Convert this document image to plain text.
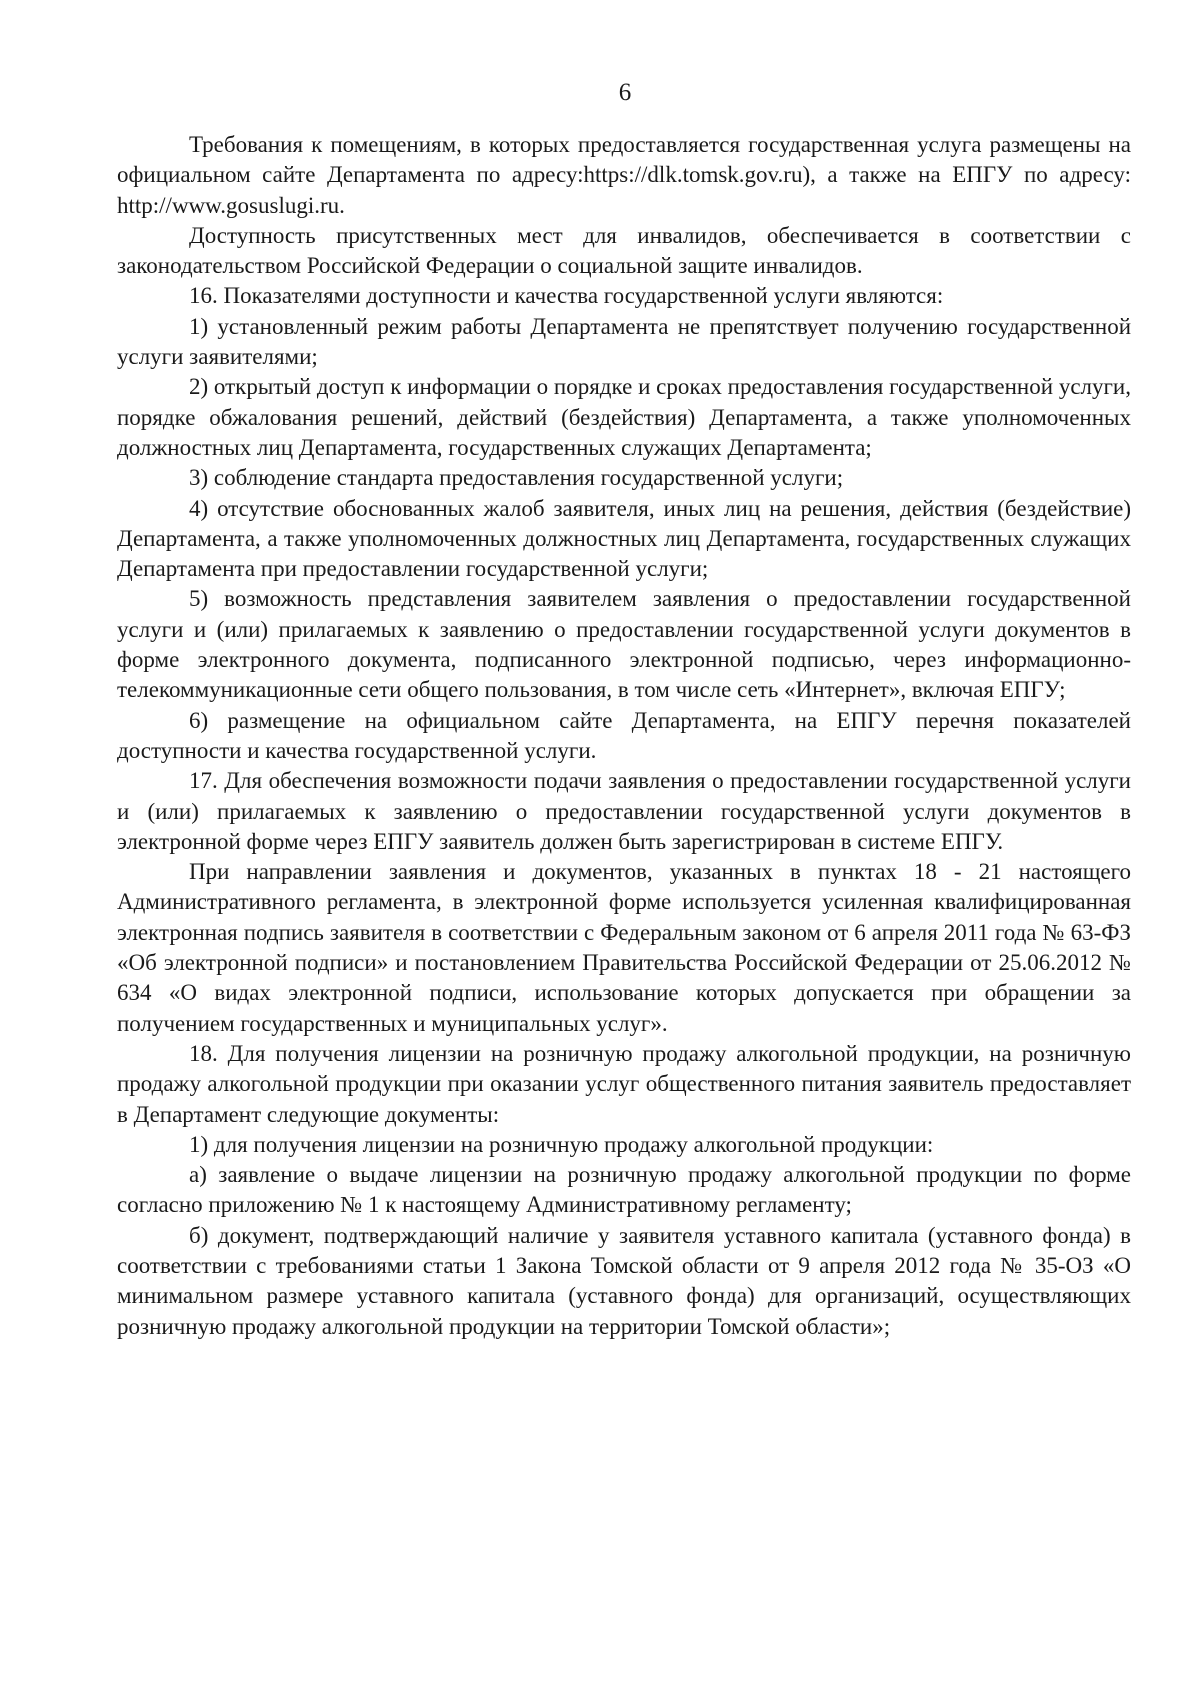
6

Требования к помещениям, в которых предоставляется государственная услуга размещены на официальном сайте Департамента по адресу:https://dlk.tomsk.gov.ru), а также на ЕПГУ по адресу: http://www.gosuslugi.ru.

Доступность присутственных мест для инвалидов, обеспечивается в соответствии с законодательством Российской Федерации о социальной защите инвалидов.

16. Показателями доступности и качества государственной услуги являются:

1) установленный режим работы Департамента не препятствует получению государственной услуги заявителями;

2) открытый доступ к информации о порядке и сроках предоставления государственной услуги, порядке обжалования решений, действий (бездействия) Департамента, а также уполномоченных должностных лиц Департамента, государственных служащих Департамента;

3) соблюдение стандарта предоставления государственной услуги;

4) отсутствие обоснованных жалоб заявителя, иных лиц на решения, действия (бездействие) Департамента, а также уполномоченных должностных лиц Департамента, государственных служащих Департамента при предоставлении государственной услуги;

5) возможность представления заявителем заявления о предоставлении государственной услуги и (или) прилагаемых к заявлению о предоставлении государственной услуги документов в форме электронного документа, подписанного электронной подписью, через информационно-телекоммуникационные сети общего пользования, в том числе сеть «Интернет», включая ЕПГУ;

6) размещение на официальном сайте Департамента, на ЕПГУ перечня показателей доступности и качества государственной услуги.

17. Для обеспечения возможности подачи заявления о предоставлении государственной услуги и (или) прилагаемых к заявлению о предоставлении государственной услуги документов в электронной форме через ЕПГУ заявитель должен быть зарегистрирован в системе ЕПГУ.

При направлении заявления и документов, указанных в пунктах 18 - 21 настоящего Административного регламента, в электронной форме используется усиленная квалифицированная электронная подпись заявителя в соответствии с Федеральным законом от 6 апреля 2011 года № 63-ФЗ «Об электронной подписи» и постановлением Правительства Российской Федерации от 25.06.2012 № 634 «О видах электронной подписи, использование которых допускается при обращении за получением государственных и муниципальных услуг».

18. Для получения лицензии на розничную продажу алкогольной продукции, на розничную продажу алкогольной продукции при оказании услуг общественного питания заявитель предоставляет в Департамент следующие документы:

1) для получения лицензии на розничную продажу алкогольной продукции:

а) заявление о выдаче лицензии на розничную продажу алкогольной продукции по форме согласно приложению № 1 к настоящему Административному регламенту;

б) документ, подтверждающий наличие у заявителя уставного капитала (уставного фонда) в соответствии с требованиями статьи 1 Закона Томской области от 9 апреля 2012 года № 35-ОЗ «О минимальном размере уставного капитала (уставного фонда) для организаций, осуществляющих розничную продажу алкогольной продукции на территории Томской области»;
